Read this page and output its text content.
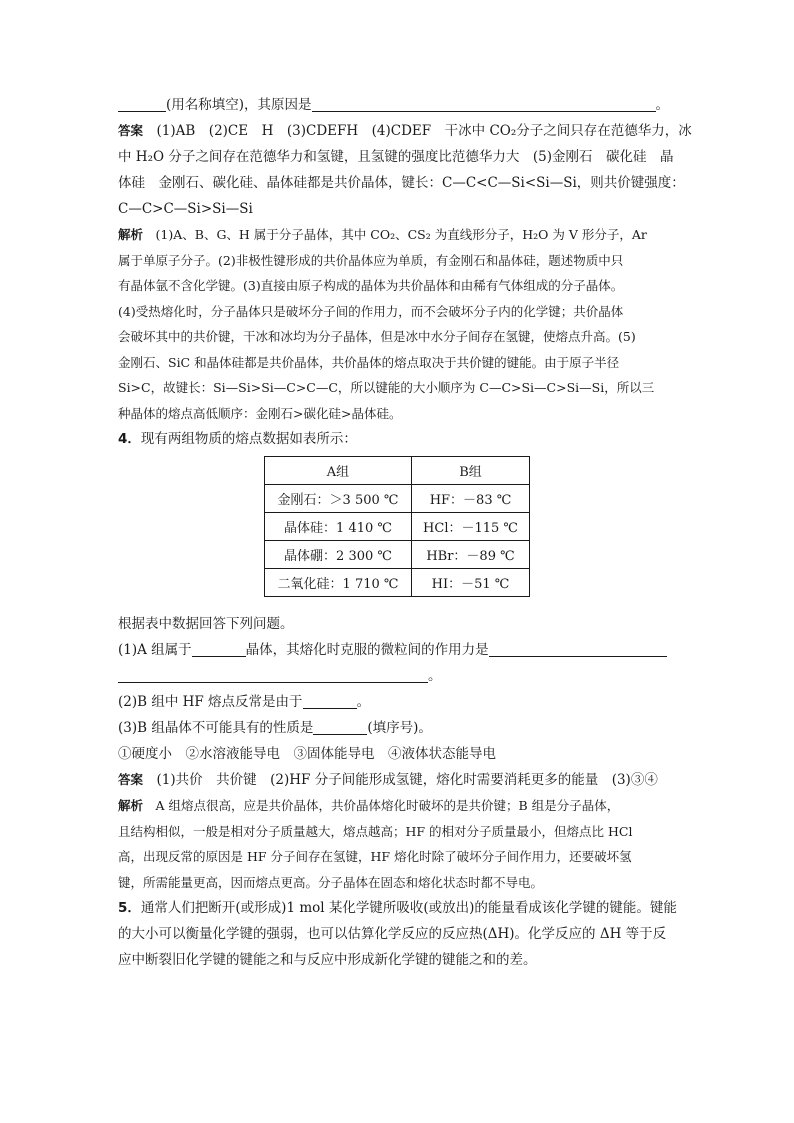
(用名称填空)，其原因是	。
答案　 (1)AB　(2)CE　H　(3)CDEFH　(4)CDEF　干冰中 CO₂分子之间只存在范德华力，冰
中 H₂O 分子之间存在范德华力和氢键，且氢键的强度比范德华力大　(5)金刚石　碳化硅　晶
体硅　金刚石、碳化硅、晶体硅都是共价晶体，键长：C—C<C—Si<Si—Si，则共价键强度：
C—C>C—Si>Si—Si
解析　 (1)A、B、G、H 属于分子晶体，其中 CO₂、CS₂ 为直线形分子，H₂O 为 V 形分子，Ar
属于单原子分子。(2)非极性键形成的共价晶体应为单质，有金刚石和晶体硅，题述物质中只
有晶体氩不含化学键。(3)直接由原子构成的晶体为共价晶体和由稀有气体组成的分子晶体。
(4)受热熔化时，分子晶体只是破坏分子间的作用力，而不会破坏分子内的化学键；共价晶体
会破坏其中的共价键，干冰和冰均为分子晶体，但是冰中水分子间存在氢键，使熔点升高。(5)
金刚石、SiC 和晶体硅都是共价晶体，共价晶体的熔点取决于共价键的键能。由于原子半径
Si>C，故键长：Si—Si>Si—C>C—C，所以键能的大小顺序为 C—C>Si—C>Si—Si，所以三
种晶体的熔点高低顺序：金刚石>碳化硅>晶体硅。
4．现有两组物质的熔点数据如表所示：
A组	B组
金刚石：＞3 500 ℃	HF：－83 ℃
晶体硅：1 410 ℃	HCl：－115 ℃
晶体硼：2 300 ℃	HBr：－89 ℃
二氧化硅：1 710 ℃	HI：－51 ℃
根据表中数据回答下列问题。
(1)A 组属于	晶体，其熔化时克服的微粒间的作用力是
。
(2)B 组中 HF 熔点反常是由于	。
(3)B 组晶体不可能具有的性质是	(填序号)。
①硬度小　②水溶液能导电　③固体能导电　④液体状态能导电
答案　 (1)共价　共价键　(2)HF 分子间能形成氢键，熔化时需要消耗更多的能量　(3)③④
解析　 A 组熔点很高，应是共价晶体，共价晶体熔化时破坏的是共价键；B 组是分子晶体，
且结构相似，一般是相对分子质量越大，熔点越高；HF 的相对分子质量最小，但熔点比 HCl
高，出现反常的原因是 HF 分子间存在氢键，HF 熔化时除了破坏分子间作用力，还要破坏氢
键，所需能量更高，因而熔点更高。分子晶体在固态和熔化状态时都不导电。
5．通常人们把断开(或形成)1 mol 某化学键所吸收(或放出)的能量看成该化学键的键能。键能
的大小可以衡量化学键的强弱，也可以估算化学反应的反应热(ΔH)。化学反应的 ΔH 等于反
应中断裂旧化学键的键能之和与反应中形成新化学键的键能之和的差。
